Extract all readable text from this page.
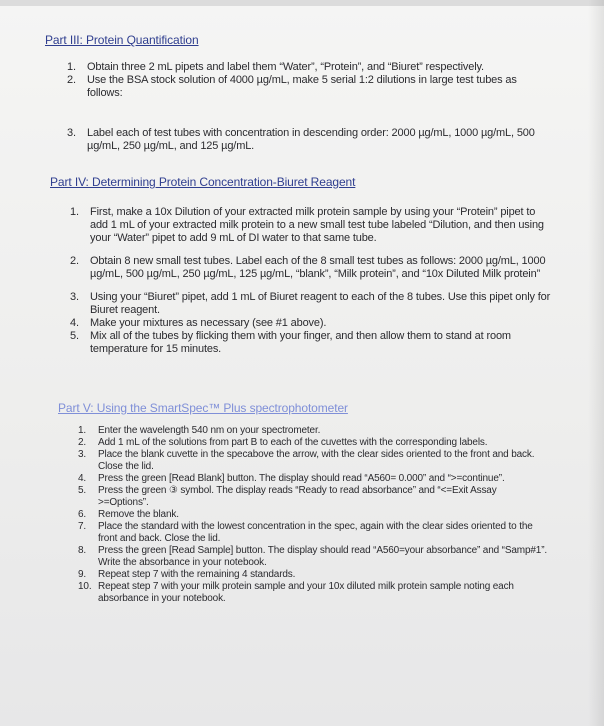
Part III: Protein Quantification
1. Obtain three 2 mL pipets and label them “Water”, “Protein”, and “Biuret” respectively.
2. Use the BSA stock solution of 4000 µg/mL, make 5 serial 1:2 dilutions in large test tubes as follows:
3. Label each of test tubes with concentration in descending order: 2000 µg/mL, 1000 µg/mL, 500 µg/mL, 250 µg/mL, and 125 µg/mL.
Part IV: Determining Protein Concentration-Biuret Reagent
1. First, make a 10x Dilution of your extracted milk protein sample by using your “Protein” pipet to add 1 mL of your extracted milk protein to a new small test tube labeled “Dilution, and then using your “Water” pipet to add 9 mL of DI water to that same tube.
2. Obtain 8 new small test tubes. Label each of the 8 small test tubes as follows: 2000 µg/mL, 1000 µg/mL, 500 µg/mL, 250 µg/mL, 125 µg/mL, “blank”, “Milk protein”, and “10x Diluted Milk protein”
3. Using your “Biuret” pipet, add 1 mL of Biuret reagent to each of the 8 tubes. Use this pipet only for Biuret reagent.
4. Make your mixtures as necessary (see #1 above).
5. Mix all of the tubes by flicking them with your finger, and then allow them to stand at room temperature for 15 minutes.
Part V: Using the SmartSpec™ Plus spectrophotometer
1. Enter the wavelength 540 nm on your spectrometer.
2. Add 1 mL of the solutions from part B to each of the cuvettes with the corresponding labels.
3. Place the blank cuvette in the specabove the arrow, with the clear sides oriented to the front and back. Close the lid.
4. Press the green [Read Blank] button. The display should read “A560= 0.000” and “>=continue”.
5. Press the green ③ symbol. The display reads “Ready to read absorbance” and “<=Exit Assay >=Options”.
6. Remove the blank.
7. Place the standard with the lowest concentration in the spec, again with the clear sides oriented to the front and back. Close the lid.
8. Press the green [Read Sample] button. The display should read “A560=your absorbance” and “Samp#1”. Write the absorbance in your notebook.
9. Repeat step 7 with the remaining 4 standards.
10. Repeat step 7 with your milk protein sample and your 10x diluted milk protein sample noting each absorbance in your notebook.
